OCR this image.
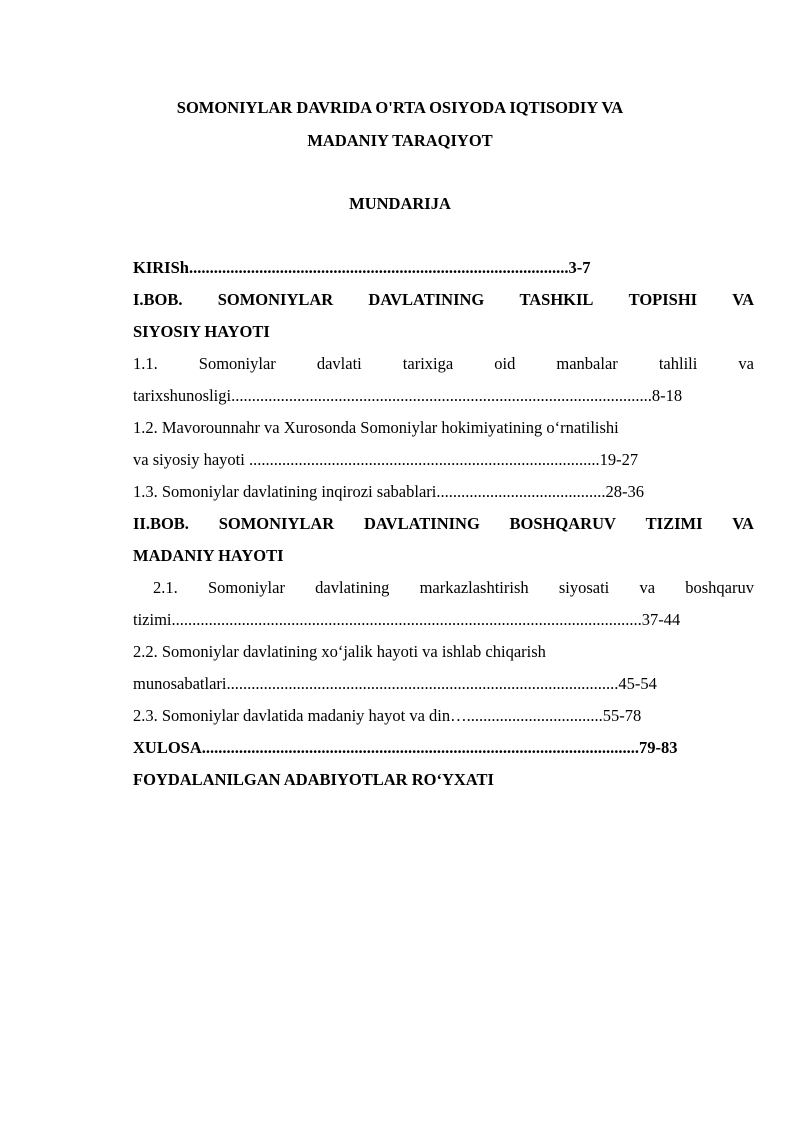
SOMONIYLAR DAVRIDA O'RTA OSIYODA IQTISODIY VA
MADANIY TARAQIYOT
MUNDARIJA
KIRISh............................................................................................3-7
I.BOB. SOMONIYLAR DAVLATINING TASHKIL TOPISHI VA
SIYOSIY HAYOTI
1.1. Somoniylar davlati tarixiga oid manbalar tahlili va
tarixshunosligi......................................................................................................8-18
1.2. Mavorounnahr va Xurosonda Somoniylar hokimiyatining oʻrnatilishi
va siyosiy hayoti .....................................................................................19-27
1.3. Somoniylar davlatining inqirozi sabablari.........................................28-36
II.BOB. SOMONIYLAR DAVLATINING BOSHQARUV TIZIMI VA
MADANIY HAYOTI
2.1. Somoniylar davlatining markazlashtirish siyosati va boshqaruv
tizimi..................................................................................................................37-44
2.2. Somoniylar davlatining xoʻjalik hayoti va ishlab chiqarish
munosabatlari...............................................................................................45-54
2.3. Somoniylar davlatida madaniy hayot va din….................................55-78
XULOSA..........................................................................................................79-83
FOYDALANILGAN ADABIYOTLAR ROʻYXATI
